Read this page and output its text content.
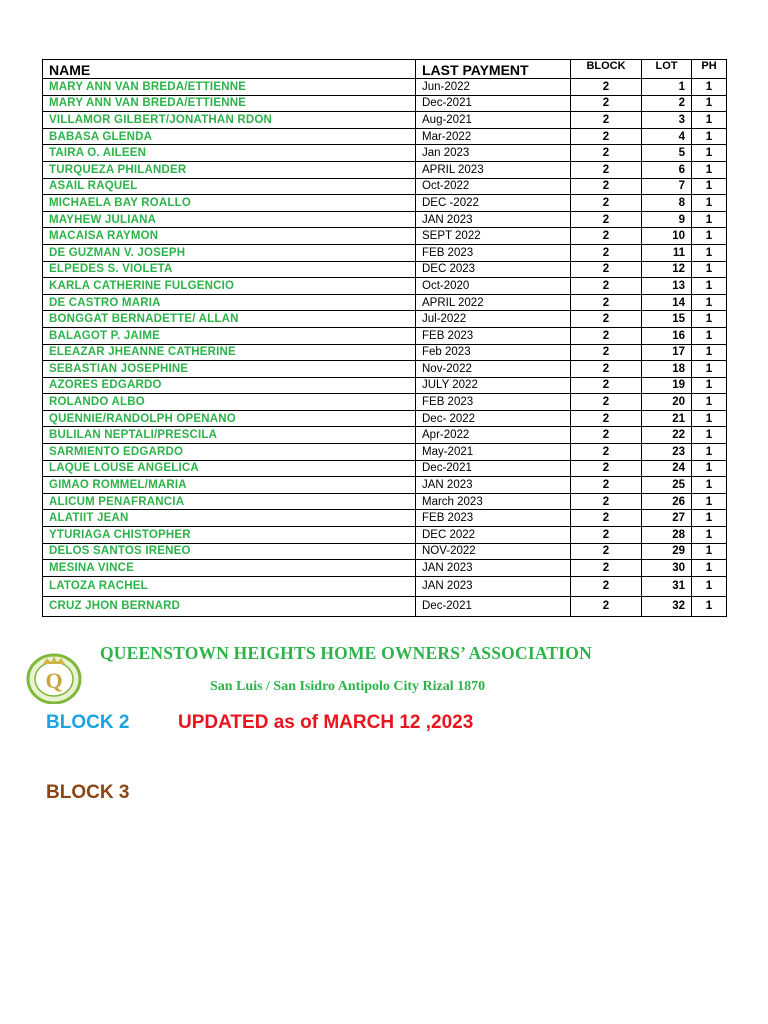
NAME	LAST PAYMENT	BLOCK	LOT	PH
MARY ANN VAN BREDA/ETTIENNE	Jun-2022	2	1	1
MARY ANN VAN BREDA/ETTIENNE	Dec-2021	2	2	1
VILLAMOR GILBERT/JONATHAN RDON	Aug-2021	2	3	1
BABASA GLENDA	Mar-2022	2	4	1
TAIRA O. AILEEN	Jan 2023	2	5	1
TURQUEZA PHILANDER	APRIL 2023	2	6	1
ASAIL RAQUEL	Oct-2022	2	7	1
MICHAELA BAY ROALLO	DEC -2022	2	8	1
MAYHEW JULIANA	JAN 2023	2	9	1
MACAISA RAYMON	SEPT 2022	2	10	1
DE GUZMAN V. JOSEPH	FEB 2023	2	11	1
ELPEDES S. VIOLETA	DEC 2023	2	12	1
KARLA CATHERINE FULGENCIO	Oct-2020	2	13	1
DE CASTRO MARIA	APRIL 2022	2	14	1
BONGGAT BERNADETTE/ ALLAN	Jul-2022	2	15	1
BALAGOT P. JAIME	FEB 2023	2	16	1
ELEAZAR JHEANNE CATHERINE	Feb 2023	2	17	1
SEBASTIAN JOSEPHINE	Nov-2022	2	18	1
AZORES EDGARDO	JULY 2022	2	19	1
ROLANDO ALBO	FEB 2023	2	20	1
QUENNIE/RANDOLPH OPENANO	Dec- 2022	2	21	1
BULILAN NEPTALI/PRESCILA	Apr-2022	2	22	1
SARMIENTO EDGARDO	May-2021	2	23	1
LAQUE LOUSE ANGELICA	Dec-2021	2	24	1
GIMAO ROMMEL/MARIA	JAN 2023	2	25	1
ALICUM PENAFRANCIA	March 2023	2	26	1
ALATIIT JEAN	FEB 2023	2	27	1
YTURIAGA CHISTOPHER	DEC 2022	2	28	1
DELOS SANTOS IRENEO	NOV-2022	2	29	1
MESINA VINCE	JAN 2023	2	30	1
LATOZA RACHEL	JAN 2023	2	31	1
CRUZ JHON BERNARD	Dec-2021	2	32	1
Q
QUEENSTOWN HEIGHTS HOME OWNERS’ ASSOCIATION
San Luis / San Isidro Antipolo City Rizal 1870
BLOCK 2	UPDATED as of MARCH 12 ,2023
BLOCK 3
